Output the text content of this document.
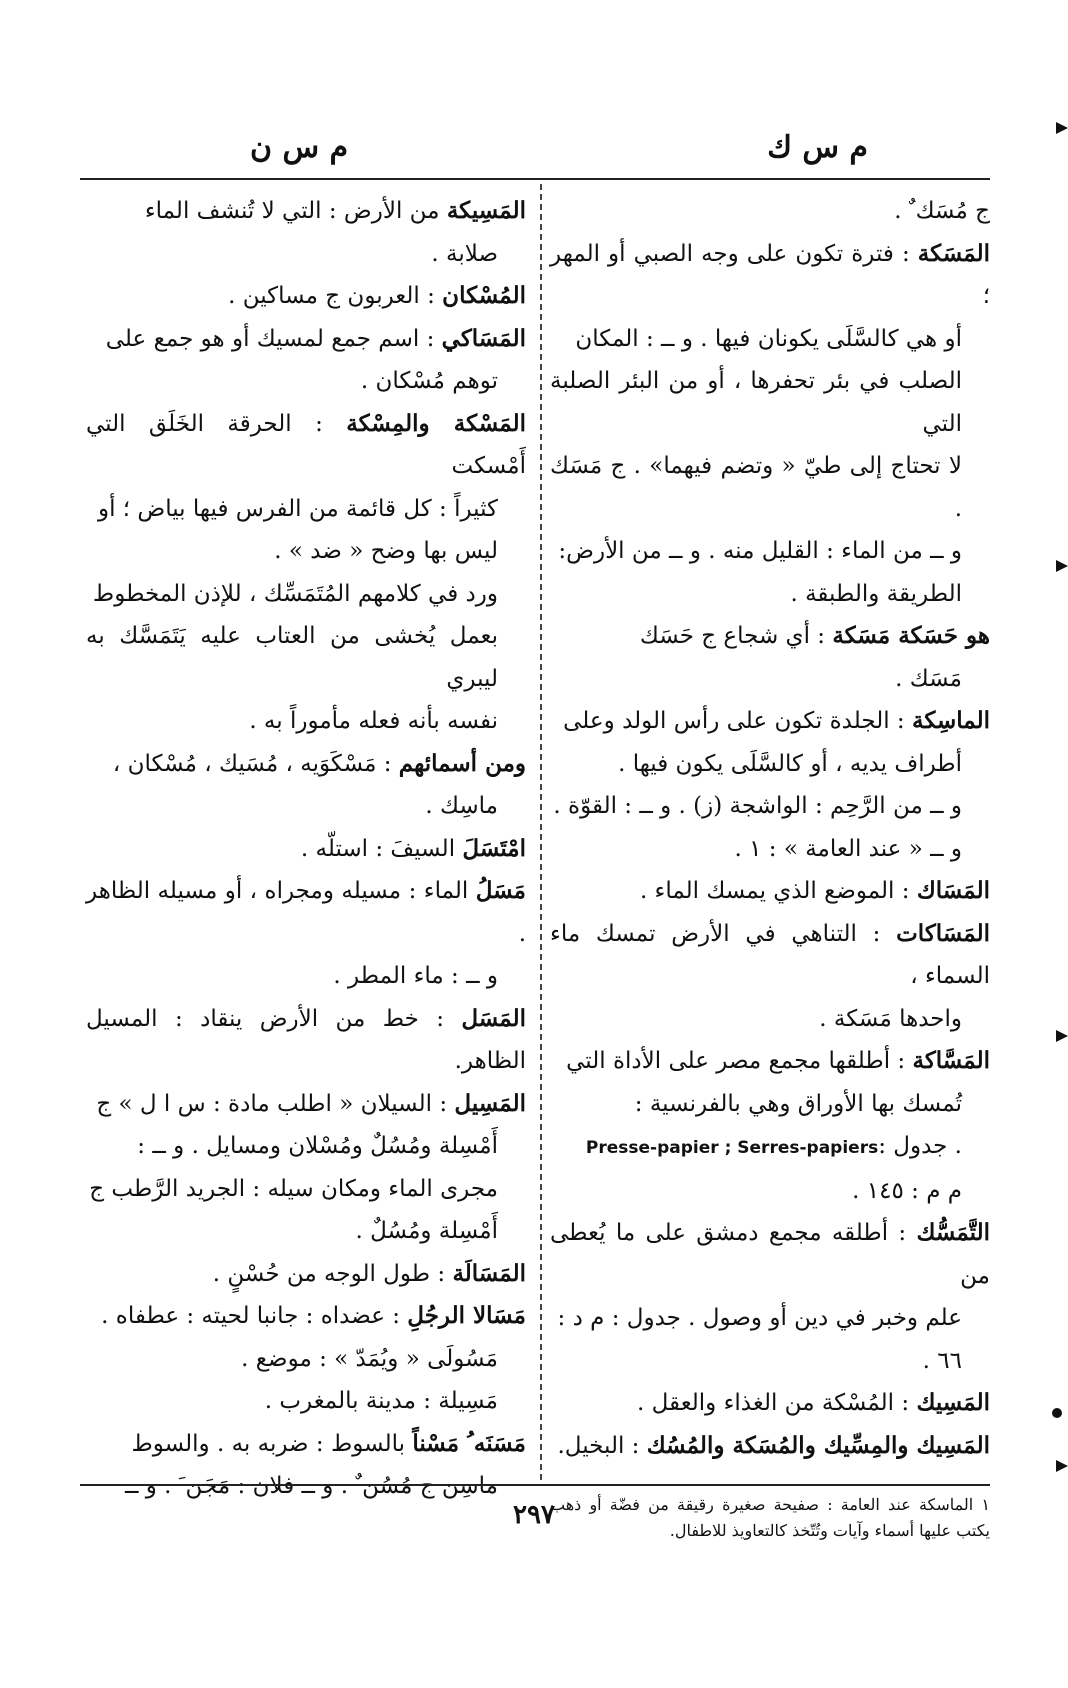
م س ك
م س ن

ج مُسَك ٌ .

المَسَكة : فترة تكون على وجه الصبي أو المهر ؛

أو هي كالسَّلَى يكونان فيها . و ــ : المكان

الصلب في بئر تحفرها ، أو من البئر الصلبة التي

لا تحتاج إلى طيّ « وتضم فيهما» . ج مَسَك .

و ــ من الماء : القليل منه . و ــ من الأرض:

الطريقة والطبقة .

هو حَسَكة مَسَكة : أي شجاع ج حَسَك

مَسَك .

الماسِكة : الجلدة تكون على رأس الولد وعلى

أطراف يديه ، أو كالسَّلَى يكون فيها .

و ــ من الرَّحِم : الواشجة (ز) . و ــ : القوّة .

و ــ « عند العامة » : ١ .

المَسَاك : الموضع الذي يمسك الماء .

المَسَاكات : التناهي في الأرض تمسك ماء السماء ،

واحدها مَسَكة .

المَسَّاكة : أطلقها مجمع مصر على الأداة التي

تُمسك بها الأوراق وهي بالفرنسية :

. جدول : Presse-papier ; Serres-papiers

م م : ١٤٥ .

التَّمَسُّك : أطلقه مجمع دمشق على ما يُعطى من

علم وخبر في دين أو وصول . جدول : م د :

٦٦ .

المَسِيك : المُسْكة من الغذاء والعقل .

المَسِيك والمِسِّيك والمُسَكة والمُسُك : البخيل.

١ الماسكة عند العامة : صفيحة صغيرة رقيقة من فضّة أو ذهب يكتب عليها أسماء وآيات وتُتّخذ كالتعاويذ للاطفال.

المَسِيكة من الأرض : التي لا تُنشف الماء

صلابة .

المُسْكان : العربون ج مساكين .

المَسَاكي : اسم جمع لمسيك أو هو جمع على

توهم مُسْكان .

المَسْكة والمِسْكة : الحرقة الخَلَق التي أَمْسكت

كثيراً : كل قائمة من الفرس فيها بياض ؛ أو

ليس بها وضح « ضد » .

ورد في كلامهم المُتَمَسِّك ، للإذن المخطوط

بعمل يُخشى من العتاب عليه يَتَمَسَّك به ليبري

نفسه بأنه فعله مأموراً به .

ومن أسمائهم : مَسْكَوَيه ، مُسَيك ، مُسْكان ،

ماسِك .

امْتَسَلَ السيفَ : استلّه .

مَسَلُ الماء : مسيله ومجراه ، أو مسيله الظاهر .

و ــ : ماء المطر .

المَسَل : خط من الأرض ينقاد : المسيل الظاهر.

المَسِيل : السيلان « اطلب مادة : س ا ل » ج

أَمْسِلة ومُسُلٌ ومُسْلان ومسايل . و ــ :

مجرى الماء ومكان سيله : الجريد الرَّطب ج

أَمْسِلة ومُسُلٌ .

المَسَالَة : طول الوجه من حُسْنٍ .

مَسَالا الرجُلِ : عضداه : جانبا لحيته : عطفاه .

مَسُولَى « ويُمَدّ » : موضع .

مَسِيلة : مدينة بالمغرب .

مَسَنَه ُ مَسْناً بالسوط : ضربه به . والسوط

ماسِن ج مُسُن ٌ . و ــ فلان : مَجَن َ . و ــ

٢٩٧
